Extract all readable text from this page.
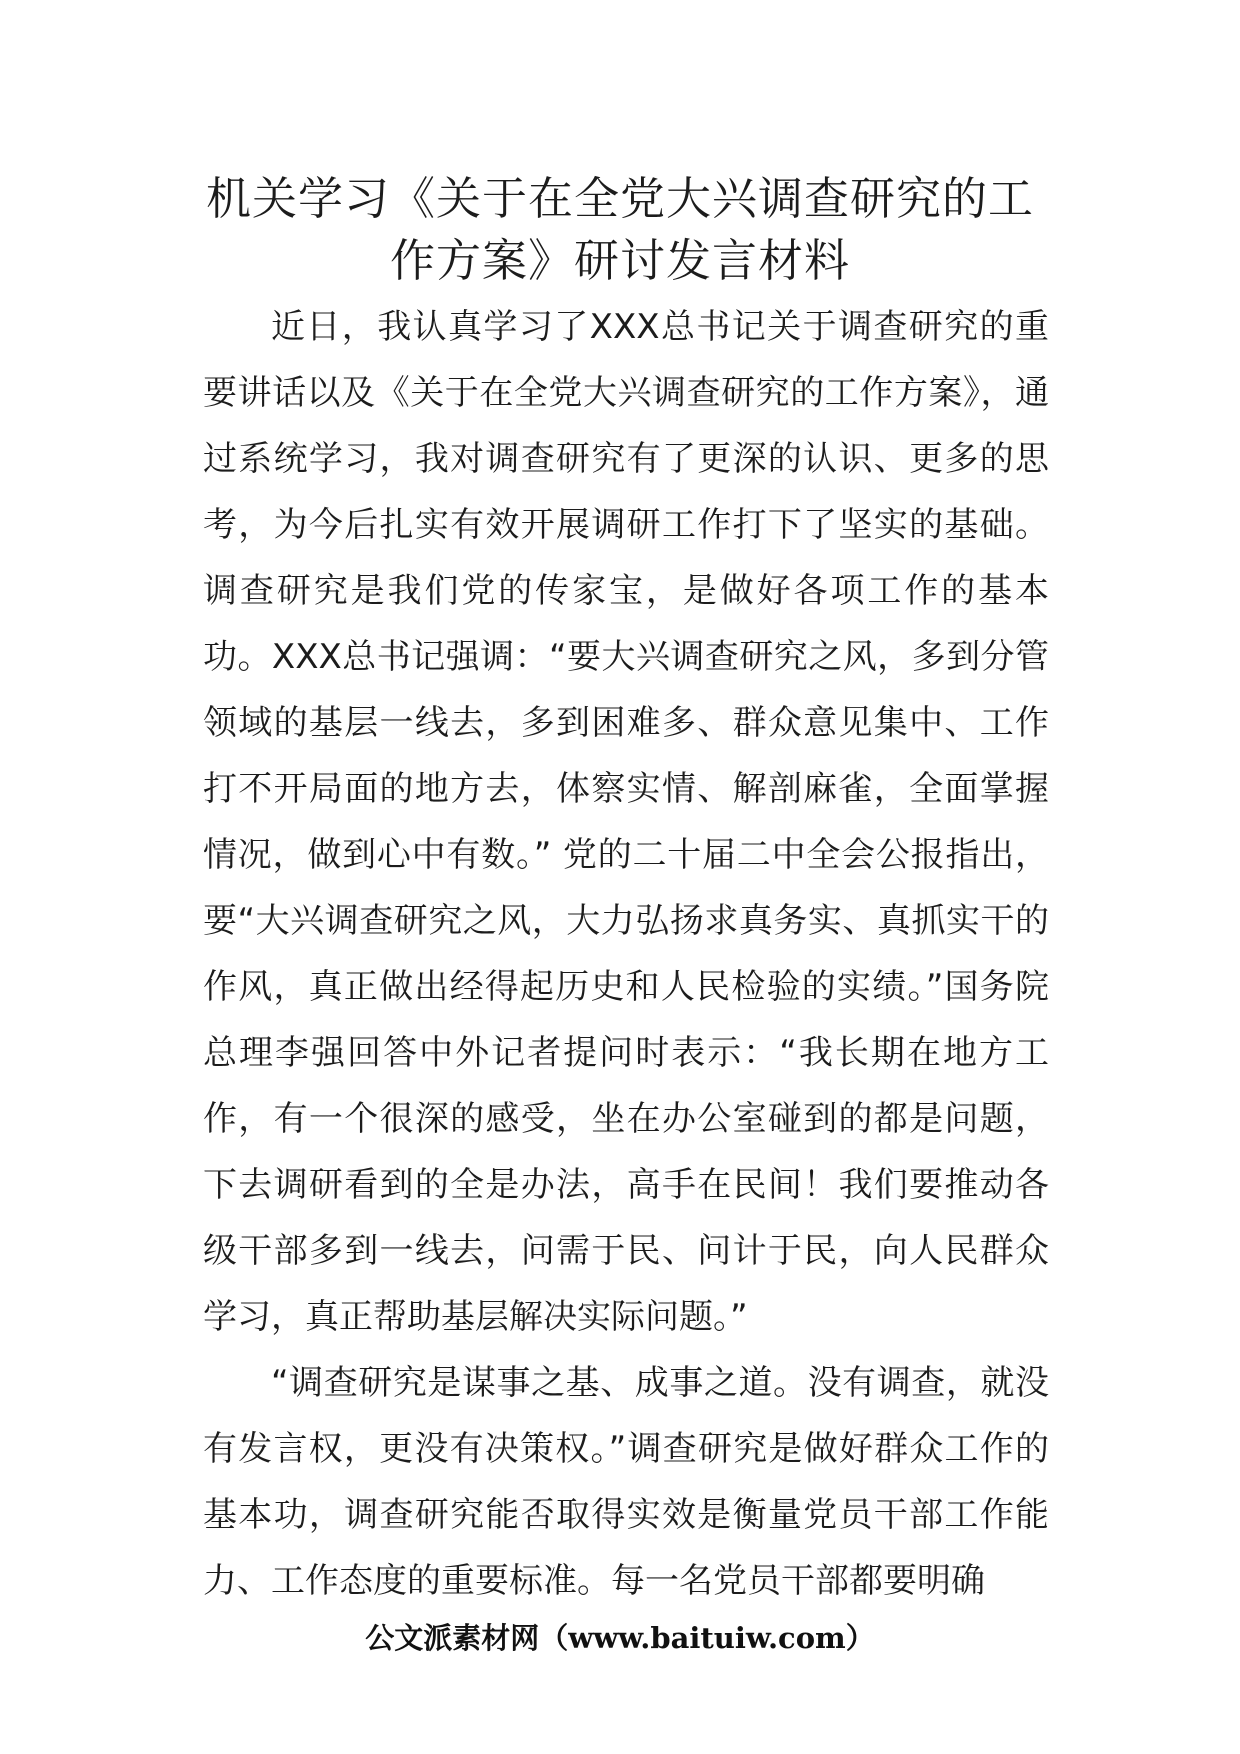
机关学习《关于在全党大兴调查研究的工作方案》研讨发言材料

近日，我认真学习了XXX总书记关于调查研究的重要讲话以及《关于在全党大兴调查研究的工作方案》，通过系统学习，我对调查研究有了更深的认识、更多的思考，为今后扎实有效开展调研工作打下了坚实的基础。调查研究是我们党的传家宝，是做好各项工作的基本功。XXX总书记强调：“要大兴调查研究之风，多到分管领域的基层一线去，多到困难多、群众意见集中、工作打不开局面的地方去，体察实情、解剖麻雀，全面掌握情况，做到心中有数。” 党的二十届二中全会公报指出，要“大兴调查研究之风，大力弘扬求真务实、真抓实干的作风，真正做出经得起历史和人民检验的实绩。”国务院总理李强回答中外记者提问时表示：“我长期在地方工作，有一个很深的感受，坐在办公室碰到的都是问题，下去调研看到的全是办法，高手在民间！我们要推动各级干部多到一线去，问需于民、问计于民，向人民群众学习，真正帮助基层解决实际问题。”

“调查研究是谋事之基、成事之道。没有调查，就没有发言权，更没有决策权。”调查研究是做好群众工作的基本功，调查研究能否取得实效是衡量党员干部工作能力、工作态度的重要标准。每一名党员干部都要明确

公文派素材网（www.baituiw.com）
